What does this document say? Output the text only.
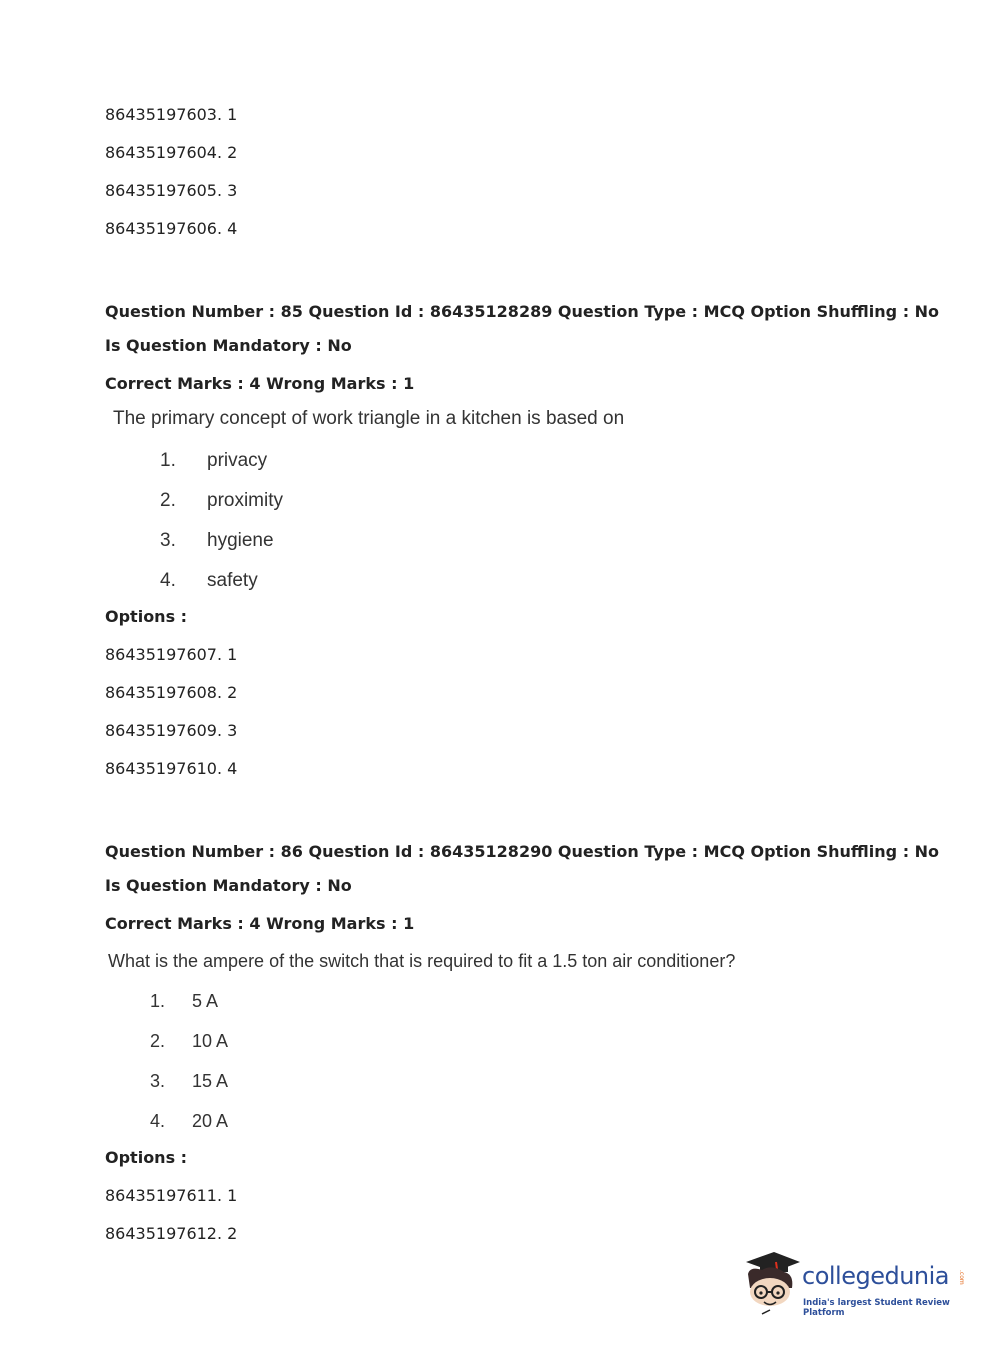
86435197603. 1
86435197604. 2
86435197605. 3
86435197606. 4
Question Number : 85 Question Id : 86435128289 Question Type : MCQ Option Shuffling : No
Is Question Mandatory : No
Correct Marks : 4 Wrong Marks : 1
The primary concept of work triangle in a kitchen is based on
1. privacy
2. proximity
3. hygiene
4. safety
Options :
86435197607. 1
86435197608. 2
86435197609. 3
86435197610. 4
Question Number : 86 Question Id : 86435128290 Question Type : MCQ Option Shuffling : No
Is Question Mandatory : No
Correct Marks : 4 Wrong Marks : 1
What is the ampere of the switch that is required to fit a 1.5 ton air conditioner?
1. 5 A
2. 10 A
3. 15 A
4. 20 A
Options :
86435197611. 1
86435197612. 2
collegedunia .com
India's largest Student Review Platform
